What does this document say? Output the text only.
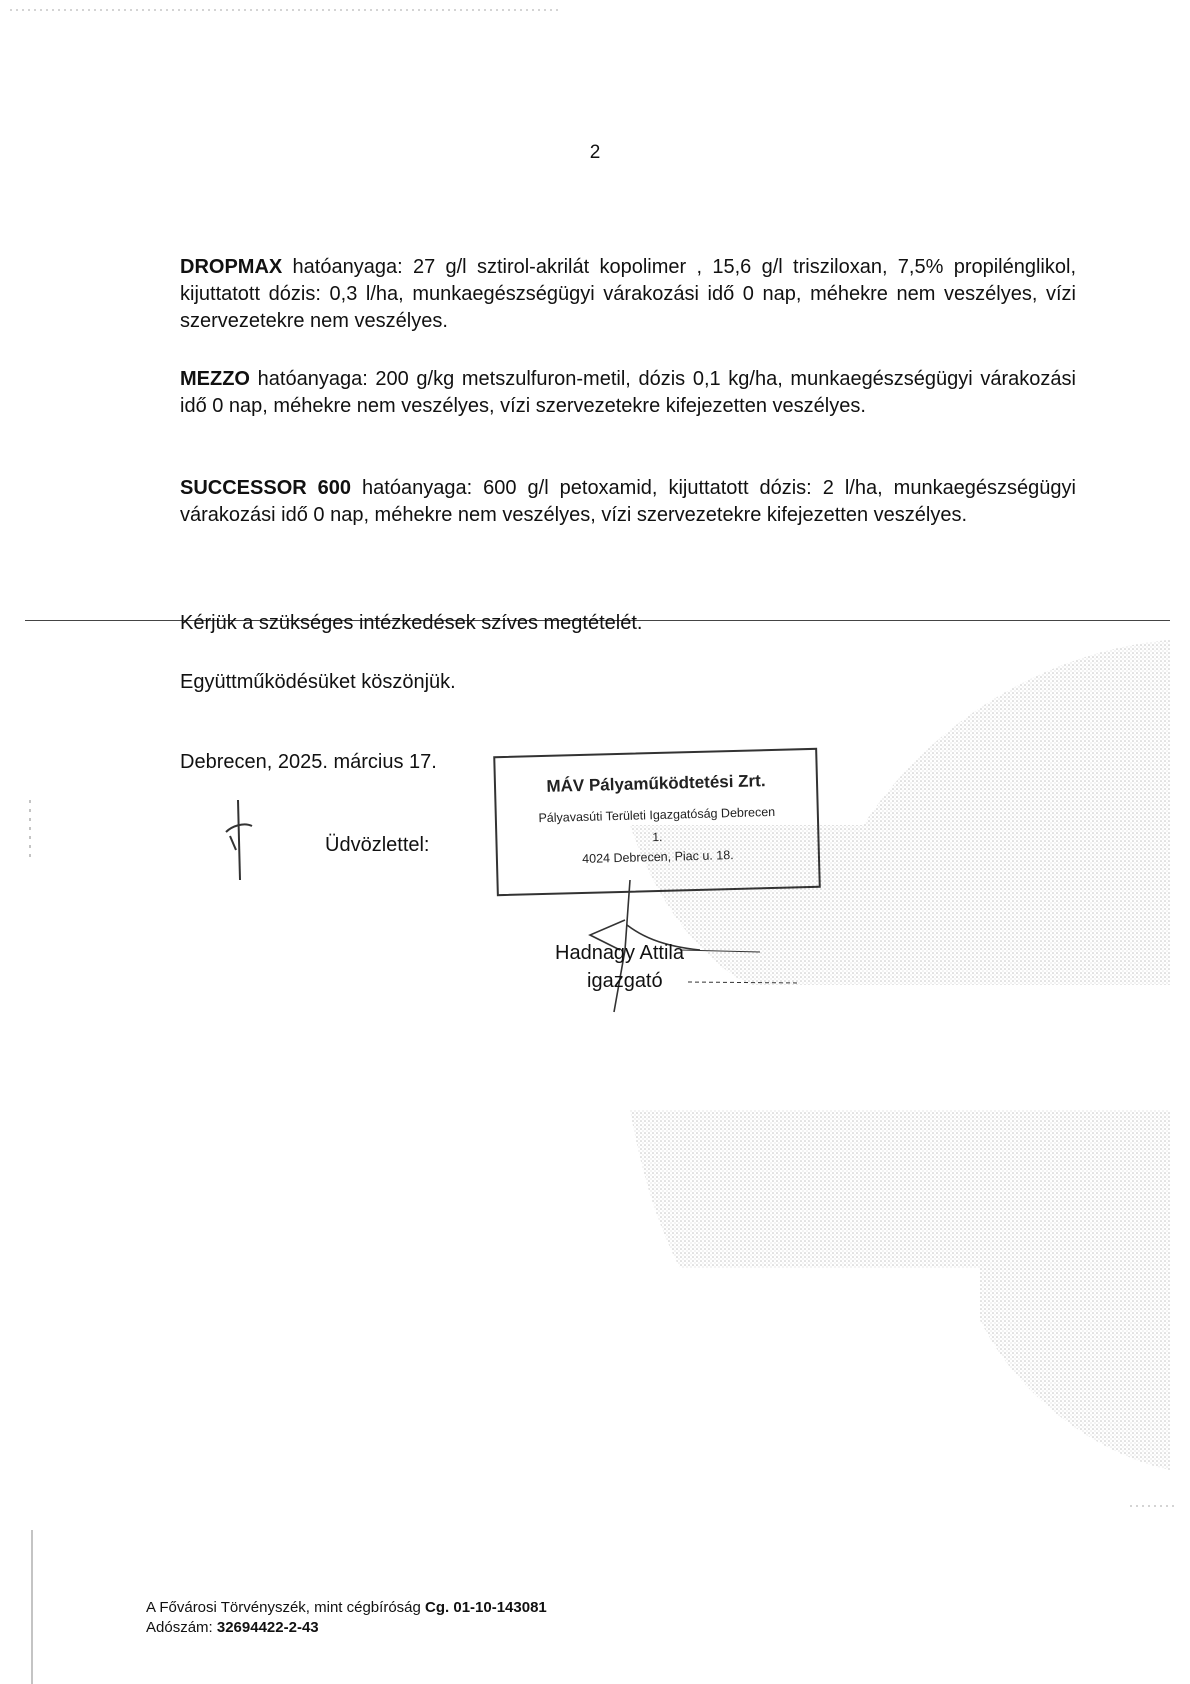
2

DROPMAX hatóanyaga: 27 g/l sztirol-akrilát kopolimer , 15,6 g/l trisziloxan, 7,5% propilénglikol, kijuttatott dózis: 0,3 l/ha, munkaegészségügyi várakozási idő 0 nap, méhekre nem veszélyes, vízi szervezetekre nem veszélyes.

MEZZO hatóanyaga: 200 g/kg metszulfuron-metil, dózis 0,1 kg/ha, munkaegészségügyi várakozási idő 0 nap, méhekre nem veszélyes, vízi szervezetekre kifejezetten veszélyes.

SUCCESSOR 600 hatóanyaga: 600 g/l petoxamid, kijuttatott dózis: 2 l/ha, munkaegészségügyi várakozási idő 0 nap, méhekre nem veszélyes, vízi szervezetekre kifejezetten veszélyes.

Kérjük a szükséges intézkedések szíves megtételét.

Együttműködésüket köszönjük.

Debrecen, 2025. március 17.

Üdvözlettel:

MÁV Pályaműködtetési Zrt.
Pályavasúti Területi Igazgatóság Debrecen
1.
4024 Debrecen, Piac u. 18.
Hadnagy Attila
igazgató
A Fővárosi Törvényszék, mint cégbíróság Cg. 01-10-143081
Adószám: 32694422-2-43
